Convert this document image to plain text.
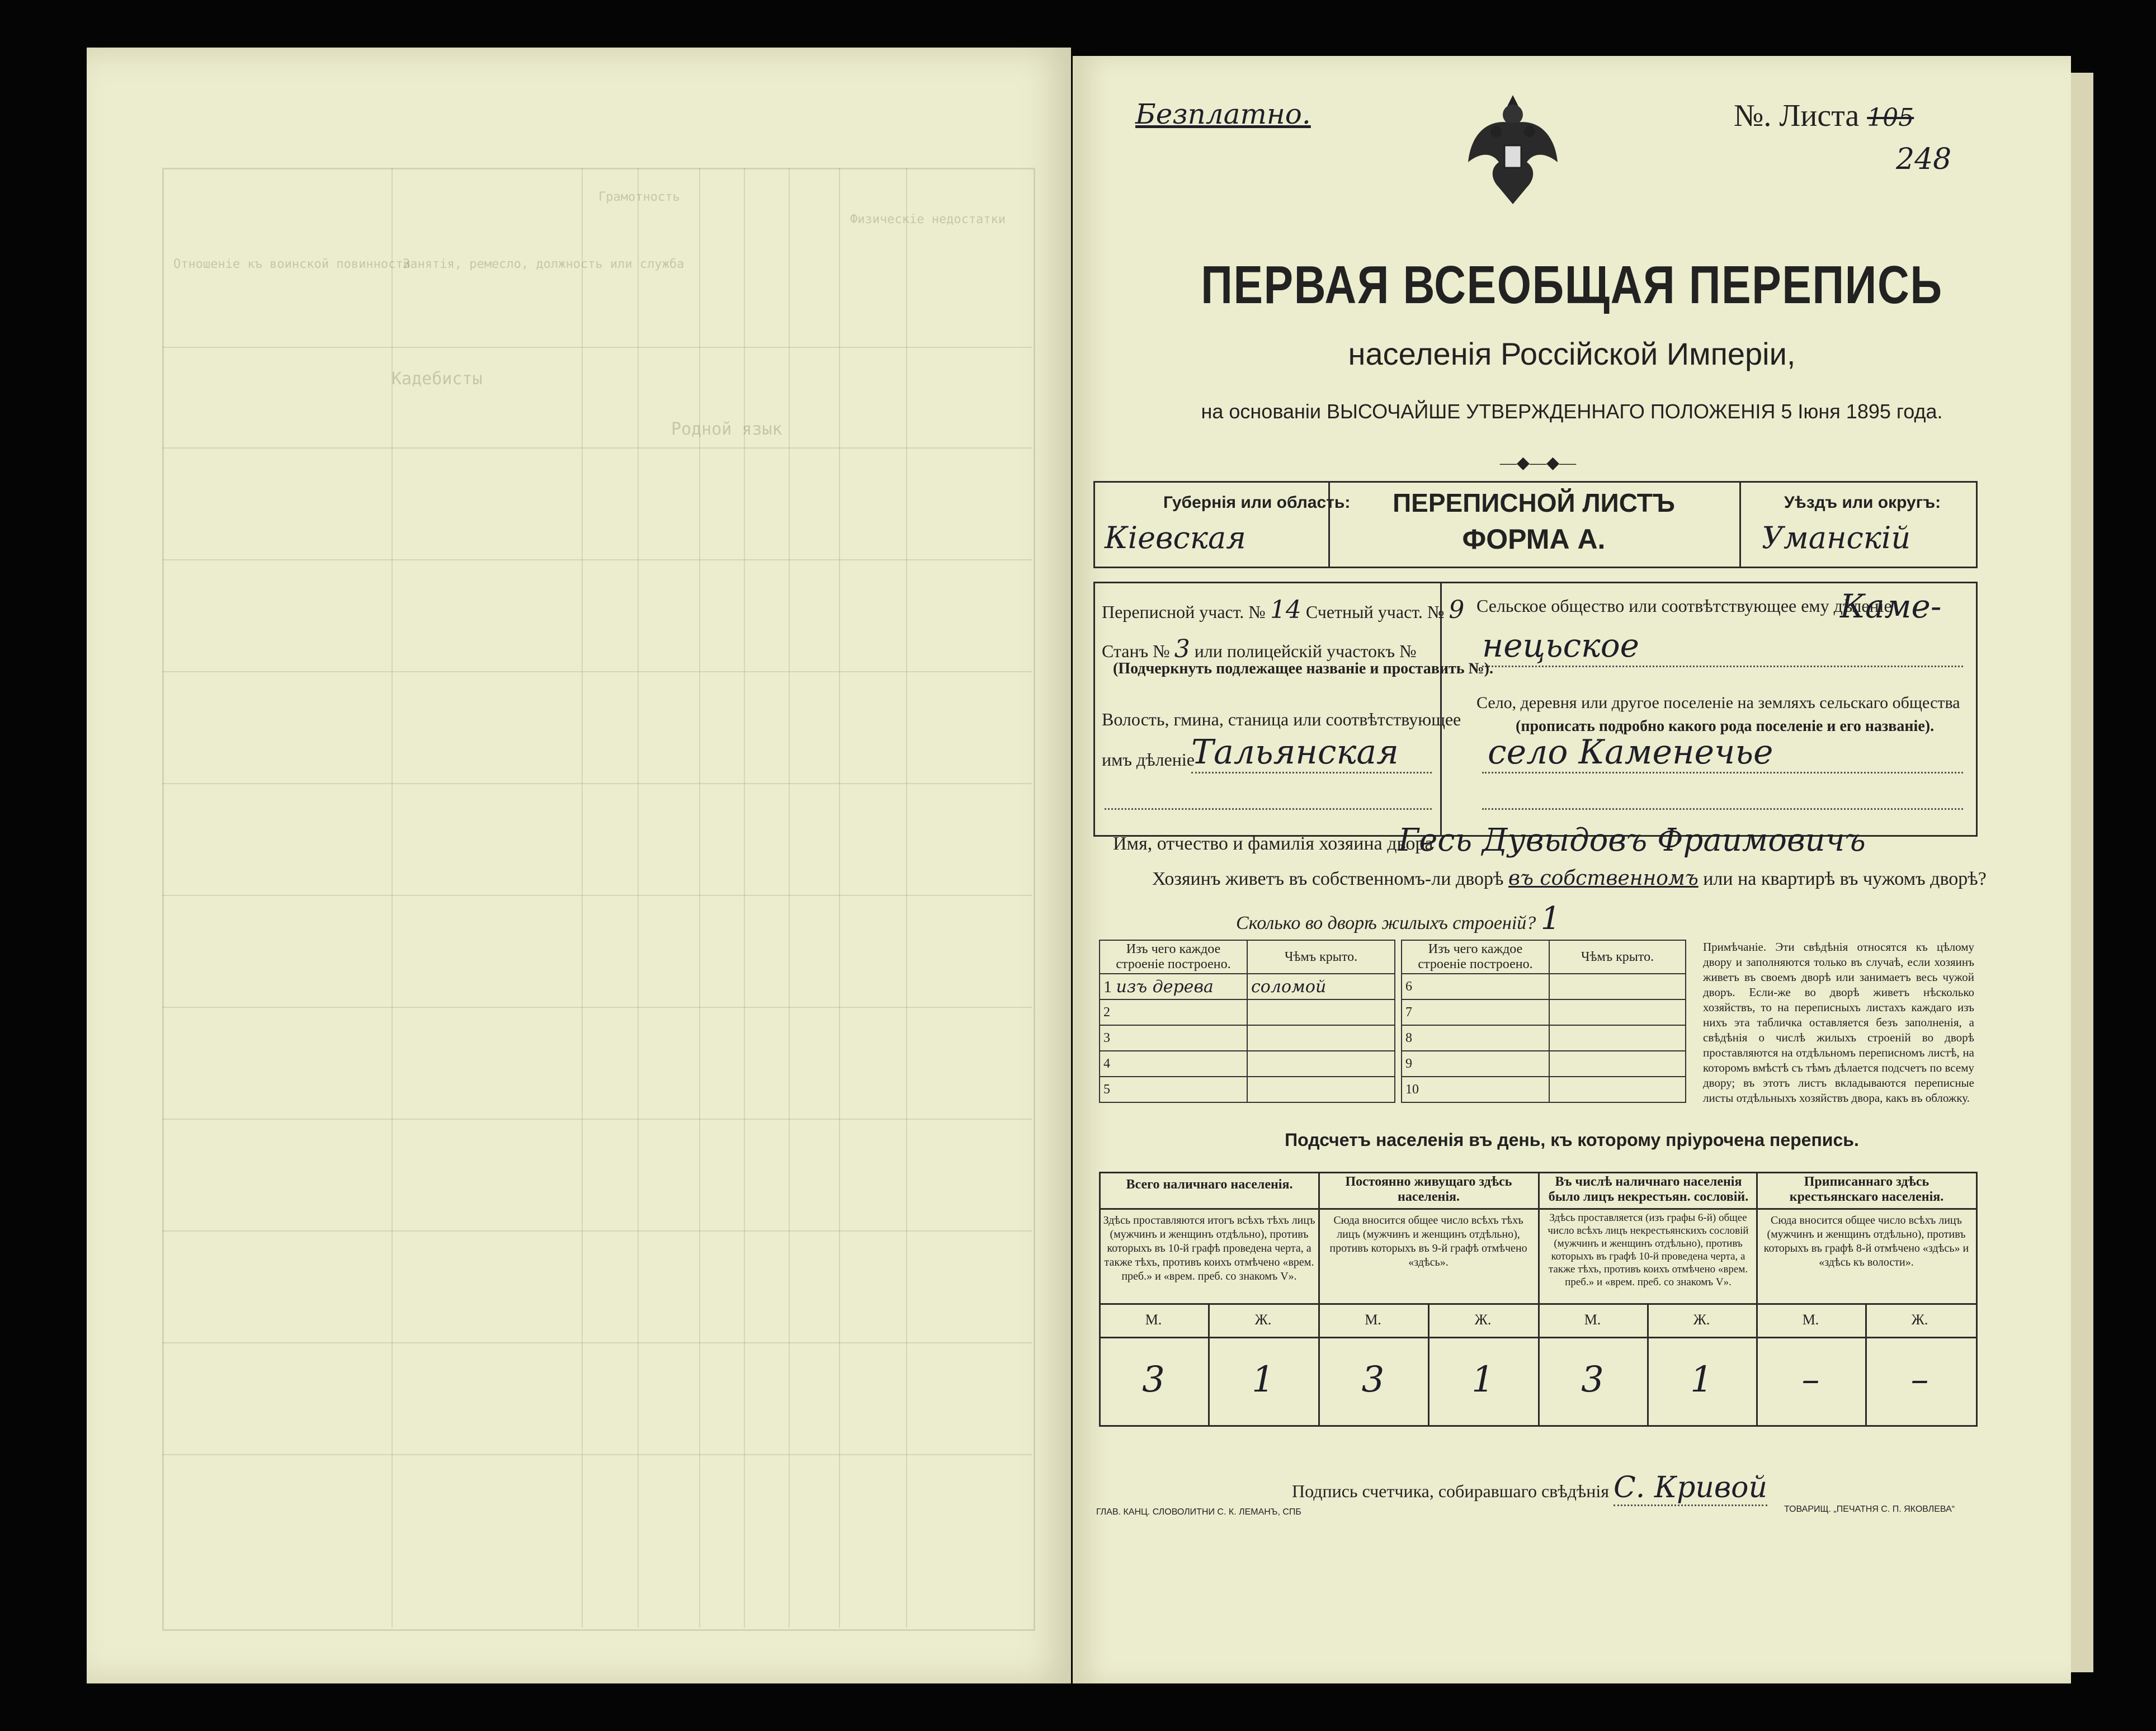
Отношеніе къ воинской повинности
Грамотность
Физическіе недостатки
Занятія, ремесло, должность или служба
Кадебисты
Родной язык
Безплатно.	№. Листа 105
248
ПЕРВАЯ ВСЕОБЩАЯ ПЕРЕПИСЬ
населенія Россійской Имперіи,
на основаніи ВЫСОЧАЙШЕ УТВЕРЖДЕННАГО ПОЛОЖЕНІЯ 5 Іюня 1895 года.
—◆—◆—
Губернія или область:
Кіевская
ПЕРЕПИСНОЙ ЛИСТЪ
ФОРМА А.
Уѣздъ или округъ:
Уманскій
Переписной участ. № 14 Счетный участ. № 9
Станъ № 3 или полицейскій участокъ №
(Подчеркнуть подлежащее названіе и проставить №).
Волость, гмина, станица или соотвѣтствующее
имъ дѣленіе
Тальянская
Сельское общество или соотвѣтствующее ему дѣленіе
Каме-
нецьское
Село, деревня или другое поселеніе на земляхъ сельскаго общества
(прописать подробно какого рода поселеніе и его названіе).
село Каменечье
Имя, отчество и фамилія хозяина двора
Гесь Дувыдовъ Фраимовичъ
Хозяинъ живетъ въ собственномъ-ли дворѣ въ собственномъ или на квартирѣ въ чужомъ дворѣ?
Сколько во дворѣ жилыхъ строеній? 1
Изъ чего каждое строеніе построено.	Чѣмъ крыто.
1 изъ дерева	соломой
2	
3	
4	
5	
Изъ чего каждое строеніе построено.	Чѣмъ крыто.
6	
7	
8	
9	
10	
Примѣчаніе. Эти свѣдѣнія относятся къ цѣлому двору и заполняются только въ случаѣ, если хозяинъ живетъ въ своемъ дворѣ или занимаетъ весь чужой дворъ. Если-же во дворѣ живетъ нѣсколько хозяйствъ, то на переписныхъ листахъ каждаго изъ нихъ эта табличка оставляется безъ заполненія, а свѣдѣнія о числѣ жилыхъ строеній во дворѣ проставляются на отдѣльномъ переписномъ листѣ, на которомъ вмѣстѣ съ тѣмъ дѣлается подсчетъ по всему двору; въ этотъ листъ вкладываются переписные листы отдѣльныхъ хозяйствъ двора, какъ въ обложку.
Подсчетъ населенія въ день, къ которому пріурочена перепись.
Всего наличнаго населенія.	Постоянно живущаго здѣсь населенія.
Въ числѣ наличнаго населенія было лицъ некрестьян. сословій.
Приписаннаго здѣсь крестьянскаго населенія.
Здѣсь проставляются итогъ всѣхъ тѣхъ лицъ (мужчинъ и женщинъ отдѣльно), противъ которыхъ въ 10-й графѣ проведена черта, а также тѣхъ, противъ коихъ отмѣчено «врем. преб.» и «врем. преб. со знакомъ V».
Сюда вносится общее число всѣхъ тѣхъ лицъ (мужчинъ и женщинъ отдѣльно), противъ которыхъ въ 9-й графѣ отмѣчено «здѣсь».
Здѣсь проставляется (изъ графы 6-й) общее число всѣхъ лицъ некрестьянскихъ сословій (мужчинъ и женщинъ отдѣльно), противъ которыхъ въ графѣ 10-й проведена черта, а также тѣхъ, противъ коихъ отмѣчено «врем. преб.» и «врем. преб. со знакомъ V».
Сюда вносится общее число всѣхъ лицъ (мужчинъ и женщинъ отдѣльно), противъ которыхъ въ графѣ 8-й отмѣчено «здѣсь» и «здѣсь къ волости».
М.	Ж.	М.	Ж.	М.	Ж.	М.	Ж.
3	1	3	1	3	1	–	–
Подпись счетчика, собиравшаго свѣдѣнія С. Кривой
ГЛАВ. КАНЦ. СЛОВОЛИТНИ С. К. ЛЕМАНЪ, СПБ	ТОВАРИЩ. „ПЕЧАТНЯ С. П. ЯКОВЛЕВА“
